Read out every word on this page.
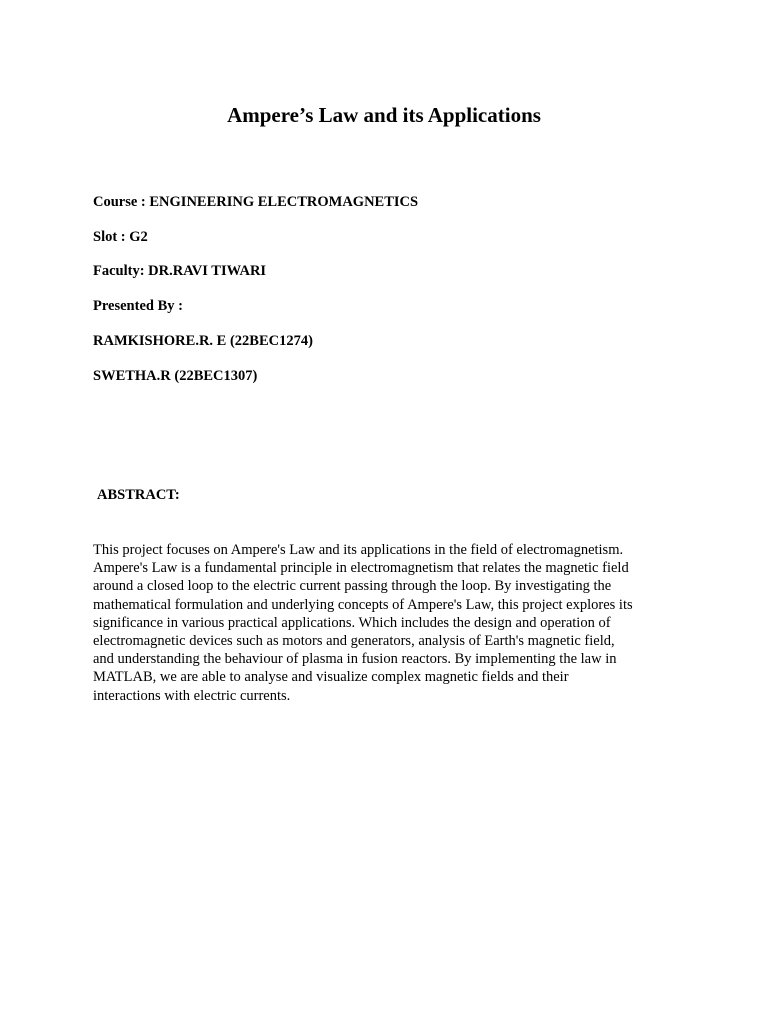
Ampere’s Law and its Applications

Course : ENGINEERING ELECTROMAGNETICS

Slot : G2

Faculty: DR.RAVI TIWARI

Presented By :

RAMKISHORE.R. E (22BEC1274)

SWETHA.R (22BEC1307)

ABSTRACT:

This project focuses on Ampere's Law and its applications in the field of electromagnetism.
Ampere's Law is a fundamental principle in electromagnetism that relates the magnetic field
around a closed loop to the electric current passing through the loop. By investigating the
mathematical formulation and underlying concepts of Ampere's Law, this project explores its
significance in various practical applications. Which includes the design and operation of
electromagnetic devices such as motors and generators, analysis of Earth's magnetic field,
and understanding the behaviour of plasma in fusion reactors. By implementing the law in
MATLAB, we are able to analyse and visualize complex magnetic fields and their
interactions with electric currents.
